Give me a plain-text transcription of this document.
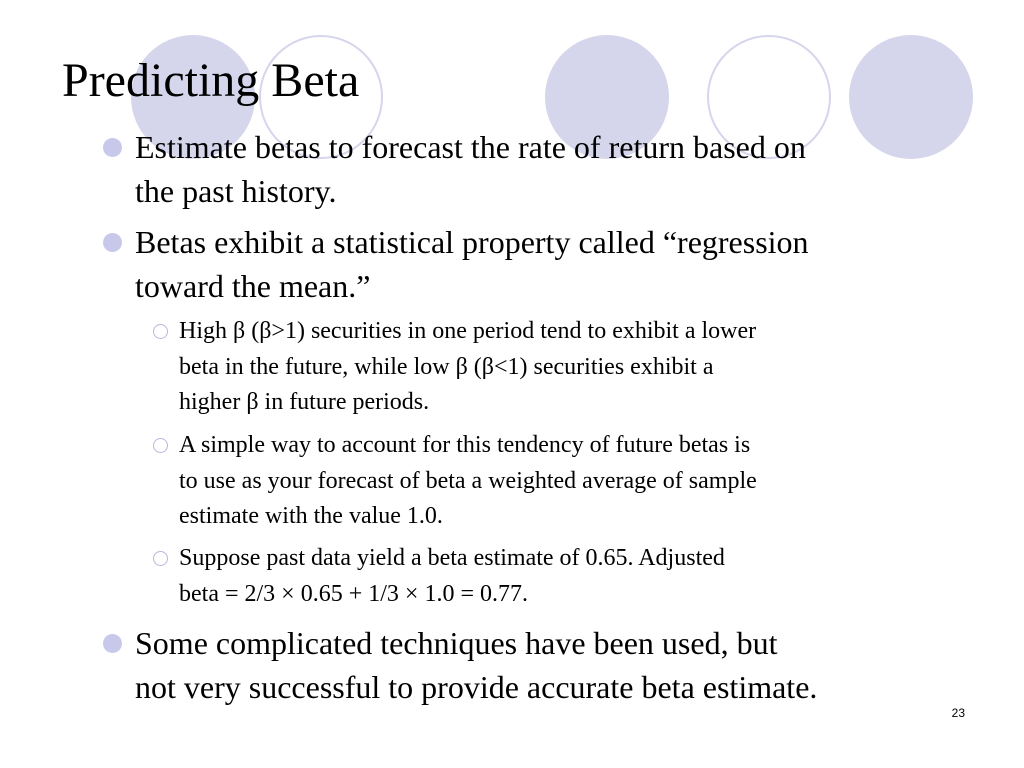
Predicting Beta
Estimate betas to forecast the rate of return based on
the past history.
Betas exhibit a statistical property called “regression
toward the mean.”
High β (β>1) securities in one period tend to exhibit a lower
beta in the future, while low β (β<1) securities exhibit a
higher β in future periods.
A simple way to account for this tendency of future betas is
to use as your forecast of beta a weighted average of sample
estimate with the value 1.0.
Suppose past data yield a beta estimate of 0.65. Adjusted
beta = 2/3 × 0.65 + 1/3 × 1.0 = 0.77.
Some complicated techniques have been used, but
not very successful to provide accurate beta estimate.
23
